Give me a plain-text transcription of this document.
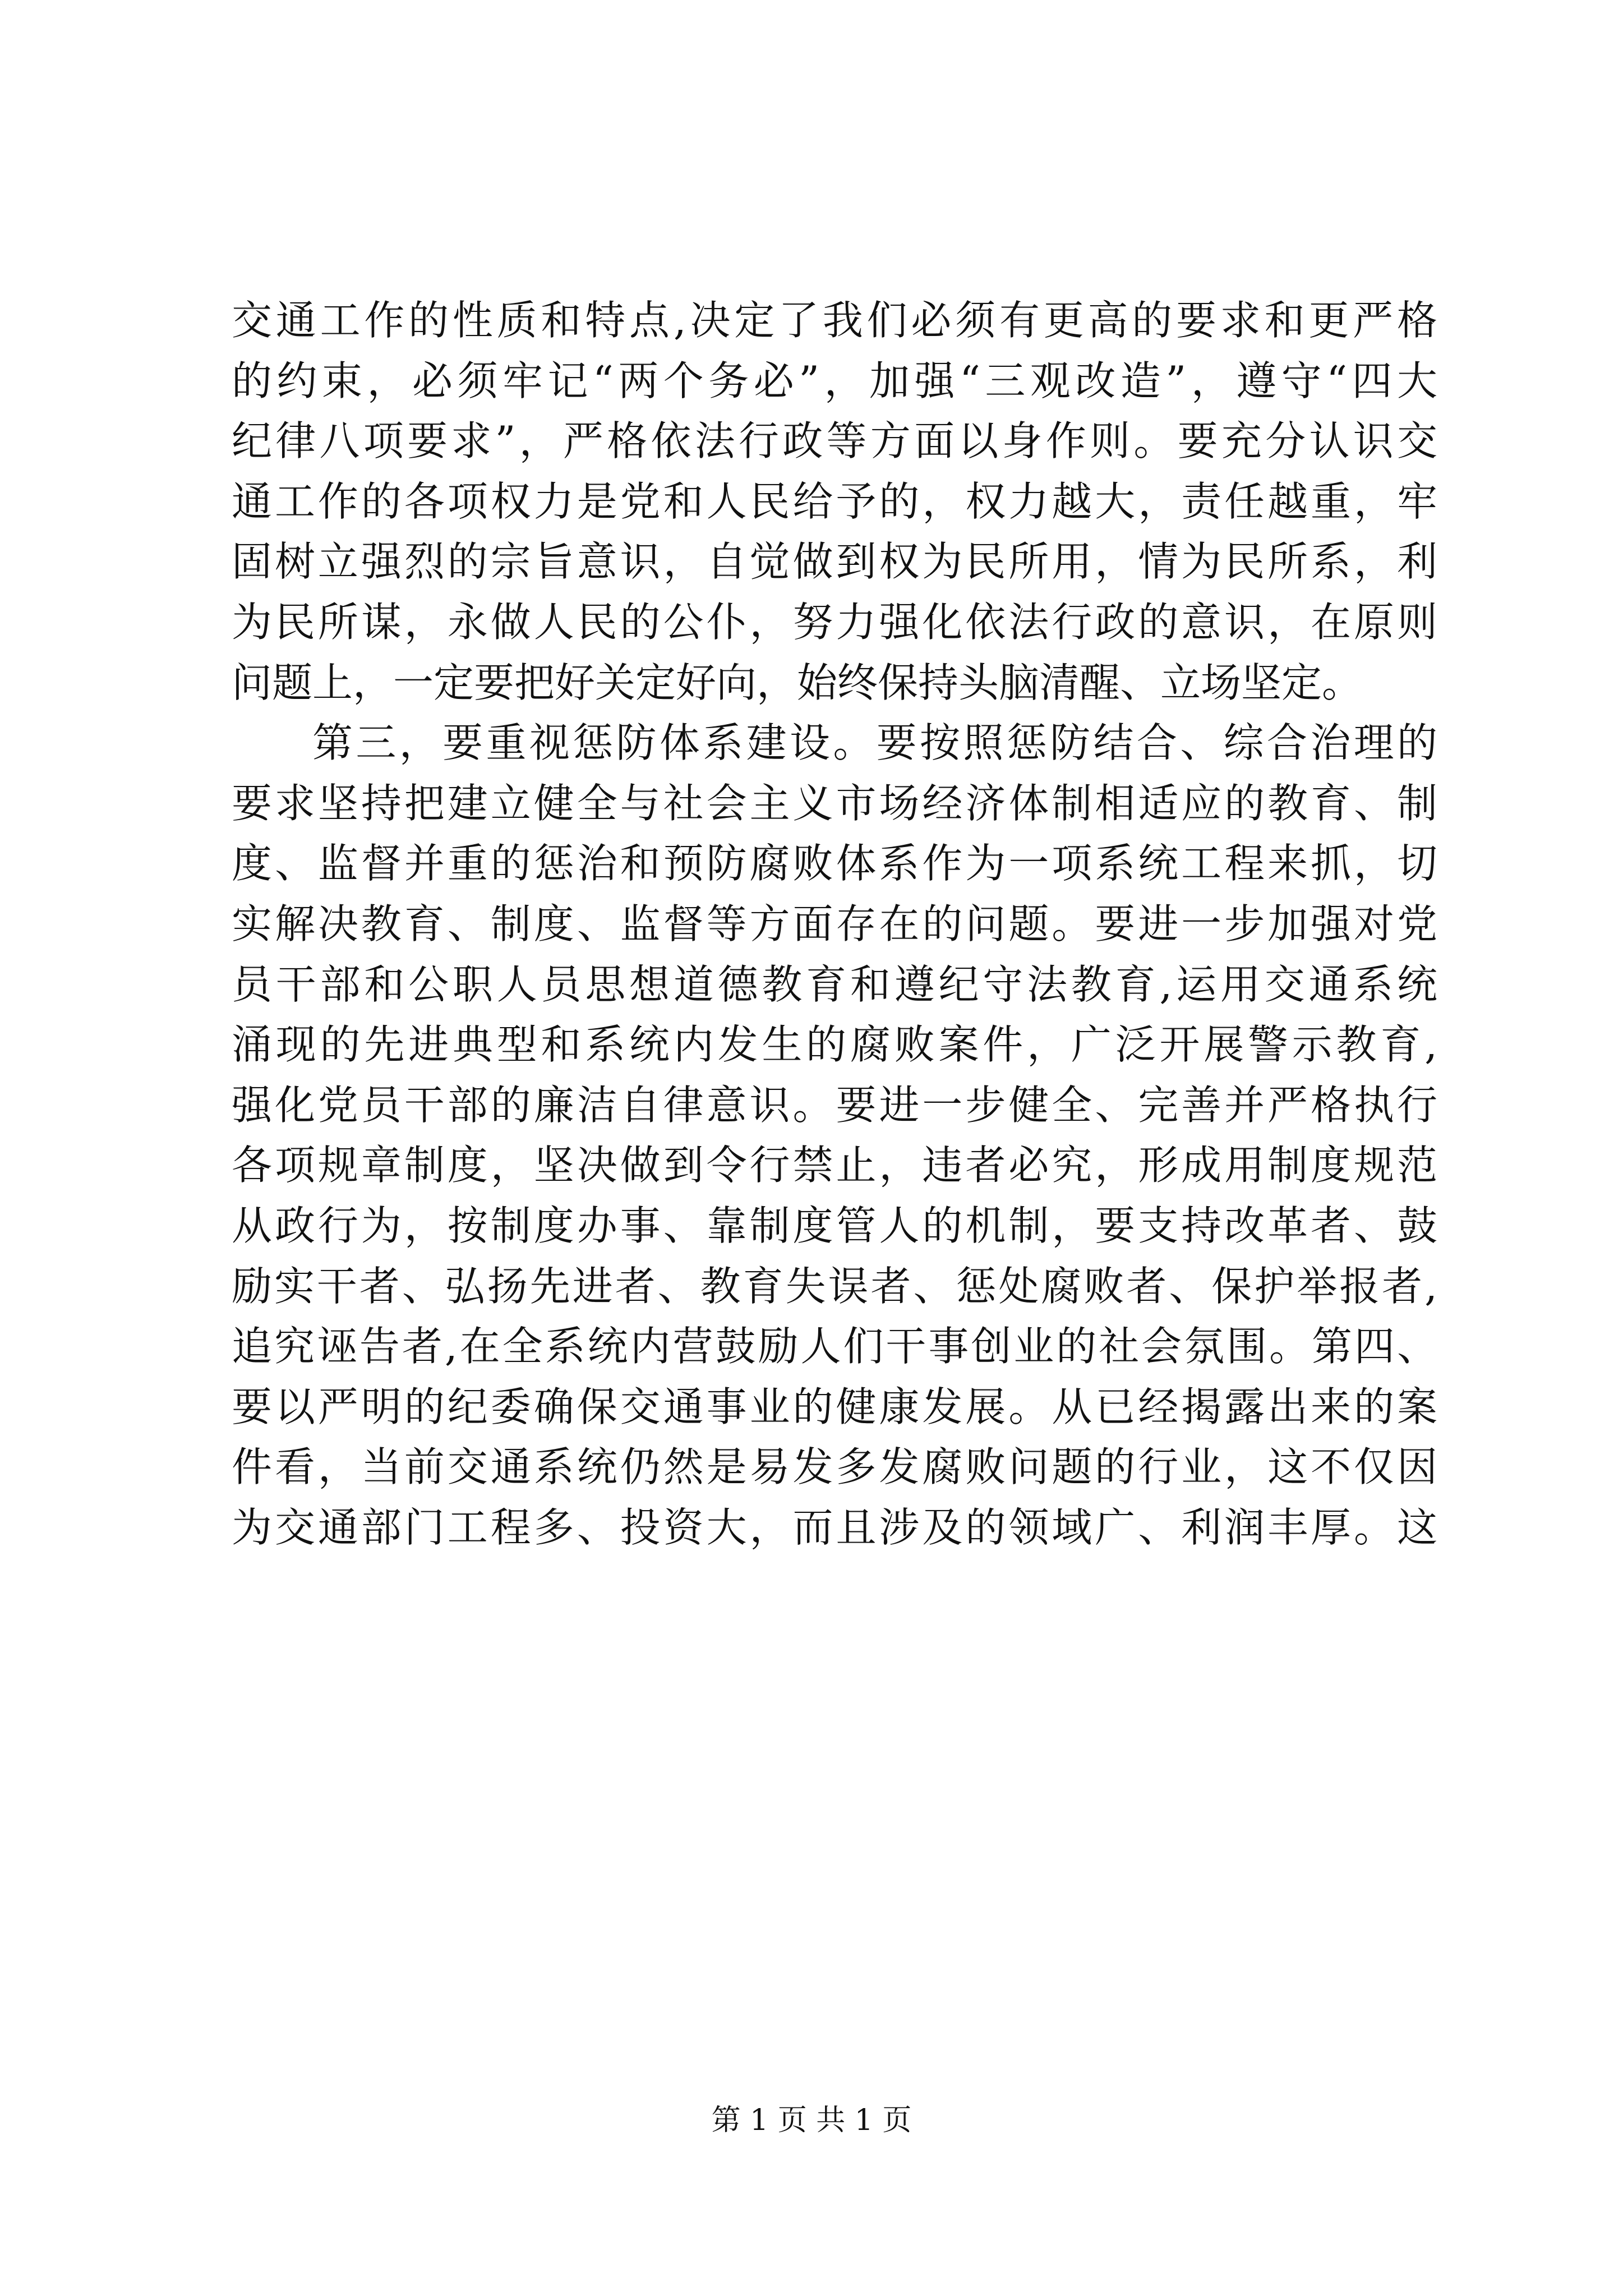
交通工作的性质和特点,决定了我们必须有更高的要求和更严格
的约束，必须牢记“两个务必”，加强“三观改造”，遵守“四大
纪律八项要求”，严格依法行政等方面以身作则。要充分认识交
通工作的各项权力是党和人民给予的，权力越大，责任越重，牢
固树立强烈的宗旨意识，自觉做到权为民所用，情为民所系，利
为民所谋，永做人民的公仆，努力强化依法行政的意识，在原则
问题上，一定要把好关定好向，始终保持头脑清醒、立场坚定。
第三，要重视惩防体系建设。要按照惩防结合、综合治理的
要求坚持把建立健全与社会主义市场经济体制相适应的教育、制
度、监督并重的惩治和预防腐败体系作为一项系统工程来抓，切
实解决教育、制度、监督等方面存在的问题。要进一步加强对党
员干部和公职人员思想道德教育和遵纪守法教育,运用交通系统
涌现的先进典型和系统内发生的腐败案件，广泛开展警示教育,
强化党员干部的廉洁自律意识。要进一步健全、完善并严格执行
各项规章制度，坚决做到令行禁止，违者必究，形成用制度规范
从政行为，按制度办事、靠制度管人的机制，要支持改革者、鼓
励实干者、弘扬先进者、教育失误者、惩处腐败者、保护举报者,
追究诬告者,在全系统内营鼓励人们干事创业的社会氛围。第四、
要以严明的纪委确保交通事业的健康发展。从已经揭露出来的案
件看，当前交通系统仍然是易发多发腐败问题的行业，这不仅因
为交通部门工程多、投资大，而且涉及的领域广、利润丰厚。这
第 1 页 共 1 页
